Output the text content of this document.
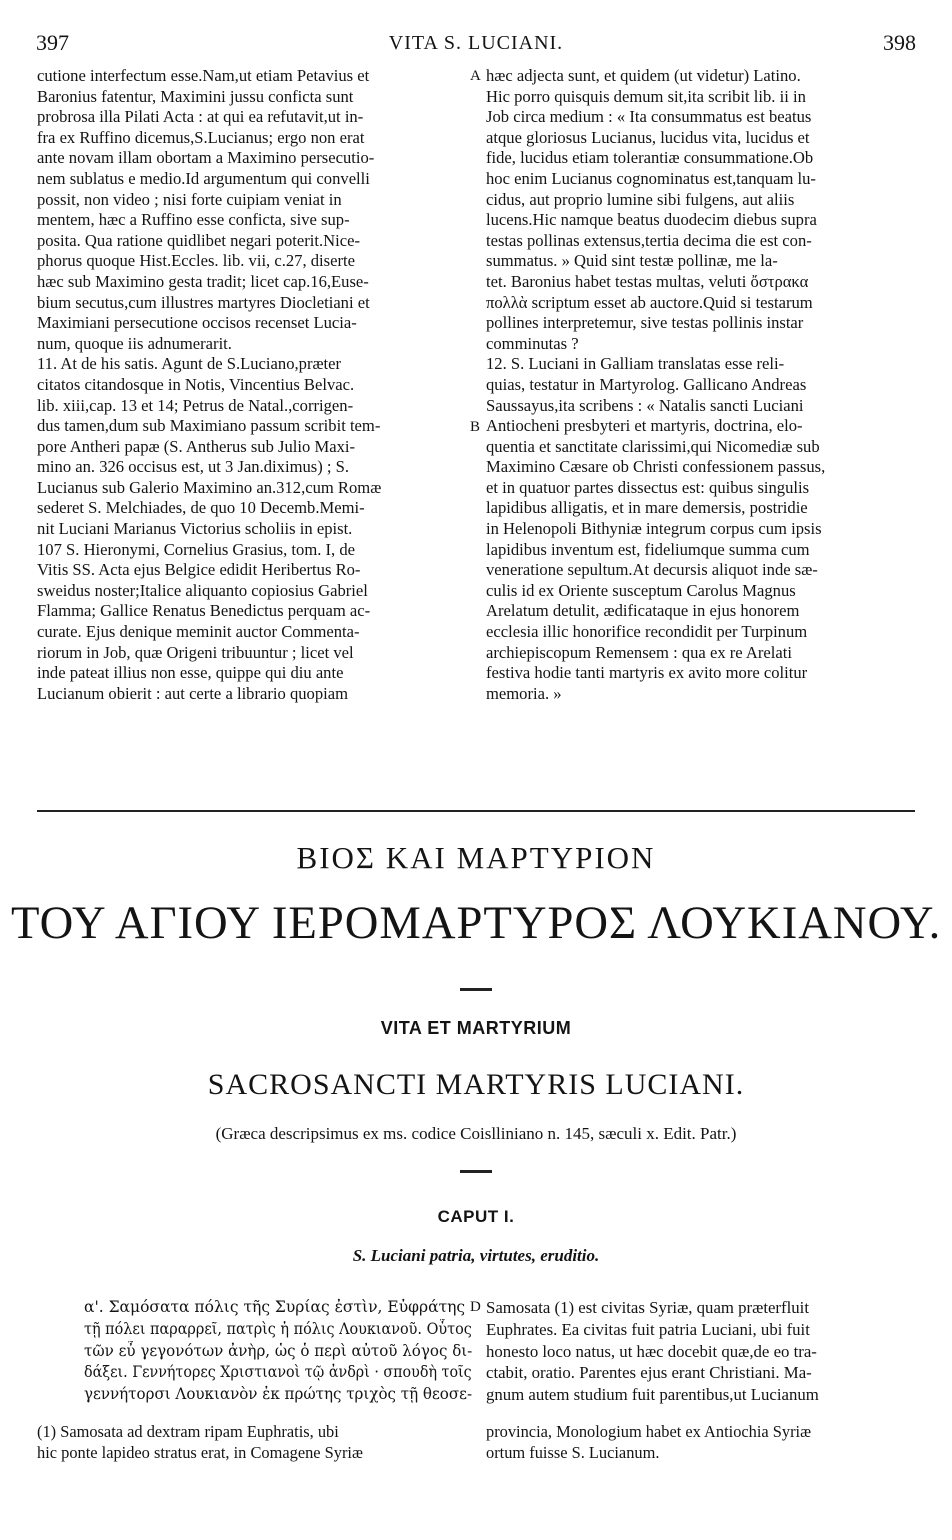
397	VITA S. LUCIANI.	398
cutione interfectum esse.Nam,ut etiam Petavius et
Baronius fatentur, Maximini jussu conficta sunt
probrosa illa Pilati Acta : at qui ea refutavit,ut in-
fra ex Ruffino dicemus,S.Lucianus; ergo non erat
ante novam illam obortam a Maximino persecutio-
nem sublatus e medio.Id argumentum qui convelli
possit, non video ; nisi forte cuipiam veniat in
mentem, hæc a Ruffino esse conficta, sive sup-
posita. Qua ratione quidlibet negari poterit.Nice-
phorus quoque Hist.Eccles. lib. vii, c.27, diserte
hæc sub Maximino gesta tradit; licet cap.16,Euse-
bium secutus,cum illustres martyres Diocletiani et
Maximiani persecutione occisos recenset Lucia-
num, quoque iis adnumerarit.
11. At de his satis. Agunt de S.Luciano,præter
citatos citandosque in Notis, Vincentius Belvac.
lib. xiii,cap. 13 et 14; Petrus de Natal.,corrigen-
dus tamen,dum sub Maximiano passum scribit tem-
pore Antheri papæ (S. Antherus sub Julio Maxi-
mino an. 326 occisus est, ut 3 Jan.diximus) ; S.
Lucianus sub Galerio Maximino an.312,cum Romæ
sederet S. Melchiades, de quo 10 Decemb.Memi-
nit Luciani Marianus Victorius scholiis in epist.
107 S. Hieronymi, Cornelius Grasius, tom. I, de
Vitis SS. Acta ejus Belgice edidit Heribertus Ro-
sweidus noster;Italice aliquanto copiosius Gabriel
Flamma; Gallice Renatus Benedictus perquam ac-
curate. Ejus denique meminit auctor Commenta-
riorum in Job, quæ Origeni tribuuntur ; licet vel
inde pateat illius non esse, quippe qui diu ante
Lucianum obierit : aut certe a librario quopiam
hæc adjecta sunt, et quidem (ut videtur) Latino.
Hic porro quisquis demum sit,ita scribit lib. ii in
Job circa medium : « Ita consummatus est beatus
atque gloriosus Lucianus, lucidus vita, lucidus et
fide, lucidus etiam tolerantiæ consummatione.Ob
hoc enim Lucianus cognominatus est,tanquam lu-
cidus, aut proprio lumine sibi fulgens, aut aliis
lucens.Hic namque beatus duodecim diebus supra
testas pollinas extensus,tertia decima die est con-
summatus. » Quid sint testæ pollinæ, me la-
tet. Baronius habet testas multas, veluti ὄστρακα
πολλὰ scriptum esset ab auctore.Quid si testarum
pollines interpretemur, sive testas pollinis instar
comminutas ?
12. S. Luciani in Galliam translatas esse reli-
quias, testatur in Martyrolog. Gallicano Andreas
Saussayus,ita scribens : « Natalis sancti Luciani
Antiocheni presbyteri et martyris, doctrina, elo-
quentia et sanctitate clarissimi,qui Nicomediæ sub
Maximino Cæsare ob Christi confessionem passus,
et in quatuor partes dissectus est: quibus singulis
lapidibus alligatis, et in mare demersis, postridie
in Helenopoli Bithyniæ integrum corpus cum ipsis
lapidibus inventum est, fideliumque summa cum
veneratione sepultum.At decursis aliquot inde sæ-
culis id ex Oriente susceptum Carolus Magnus
Arelatum detulit, ædificataque in ejus honorem
ecclesia illic honorifice recondidit per Turpinum
archiepiscopum Remensem : qua ex re Arelati
festiva hodie tanti martyris ex avito more colitur
memoria. »
A
B
ΒΙΟΣ ΚΑΙ ΜΑΡΤΥΡΙΟΝ
ΤΟΥ ΑΓΙΟΥ ΙΕΡΟΜΑΡΤΥΡΟΣ ΛΟΥΚΙΑΝΟΥ.
VITA ET MARTYRIUM
SACROSANCTI MARTYRIS LUCIANI.
(Græca descripsimus ex ms. codice Coislliniano n. 145, sæculi x. Edit. Patr.)
CAPUT I.
S. Luciani patria, virtutes, eruditio.
α'. Σαμόσατα πόλις τῆς Συρίας ἐστὶν, Εὐφράτης
τῇ πόλει παραρρεῖ, πατρὶς ἡ πόλις Λουκιανοῦ. Οὗτος
τῶν εὖ γεγονότων ἀνὴρ, ὡς ὁ περὶ αὐτοῦ λόγος δι-
δάξει. Γεννήτορες Χριστιανοὶ τῷ ἀνδρὶ · σπουδὴ τοῖς
γεννήτορσι Λουκιανὸν ἐκ πρώτης τριχὸς τῇ θεοσε-
D Samosata (1) est civitas Syriæ, quam præterfluit
Euphrates. Ea civitas fuit patria Luciani, ubi fuit
honesto loco natus, ut hæc docebit quæ,de eo tra-
ctabit, oratio. Parentes ejus erant Christiani. Ma-
gnum autem studium fuit parentibus,ut Lucianum
(1) Samosata ad dextram ripam Euphratis, ubi
hic ponte lapideo stratus erat, in Comagene Syriæ
provincia, Monologium habet ex Antiochia Syriæ
ortum fuisse S. Lucianum.
